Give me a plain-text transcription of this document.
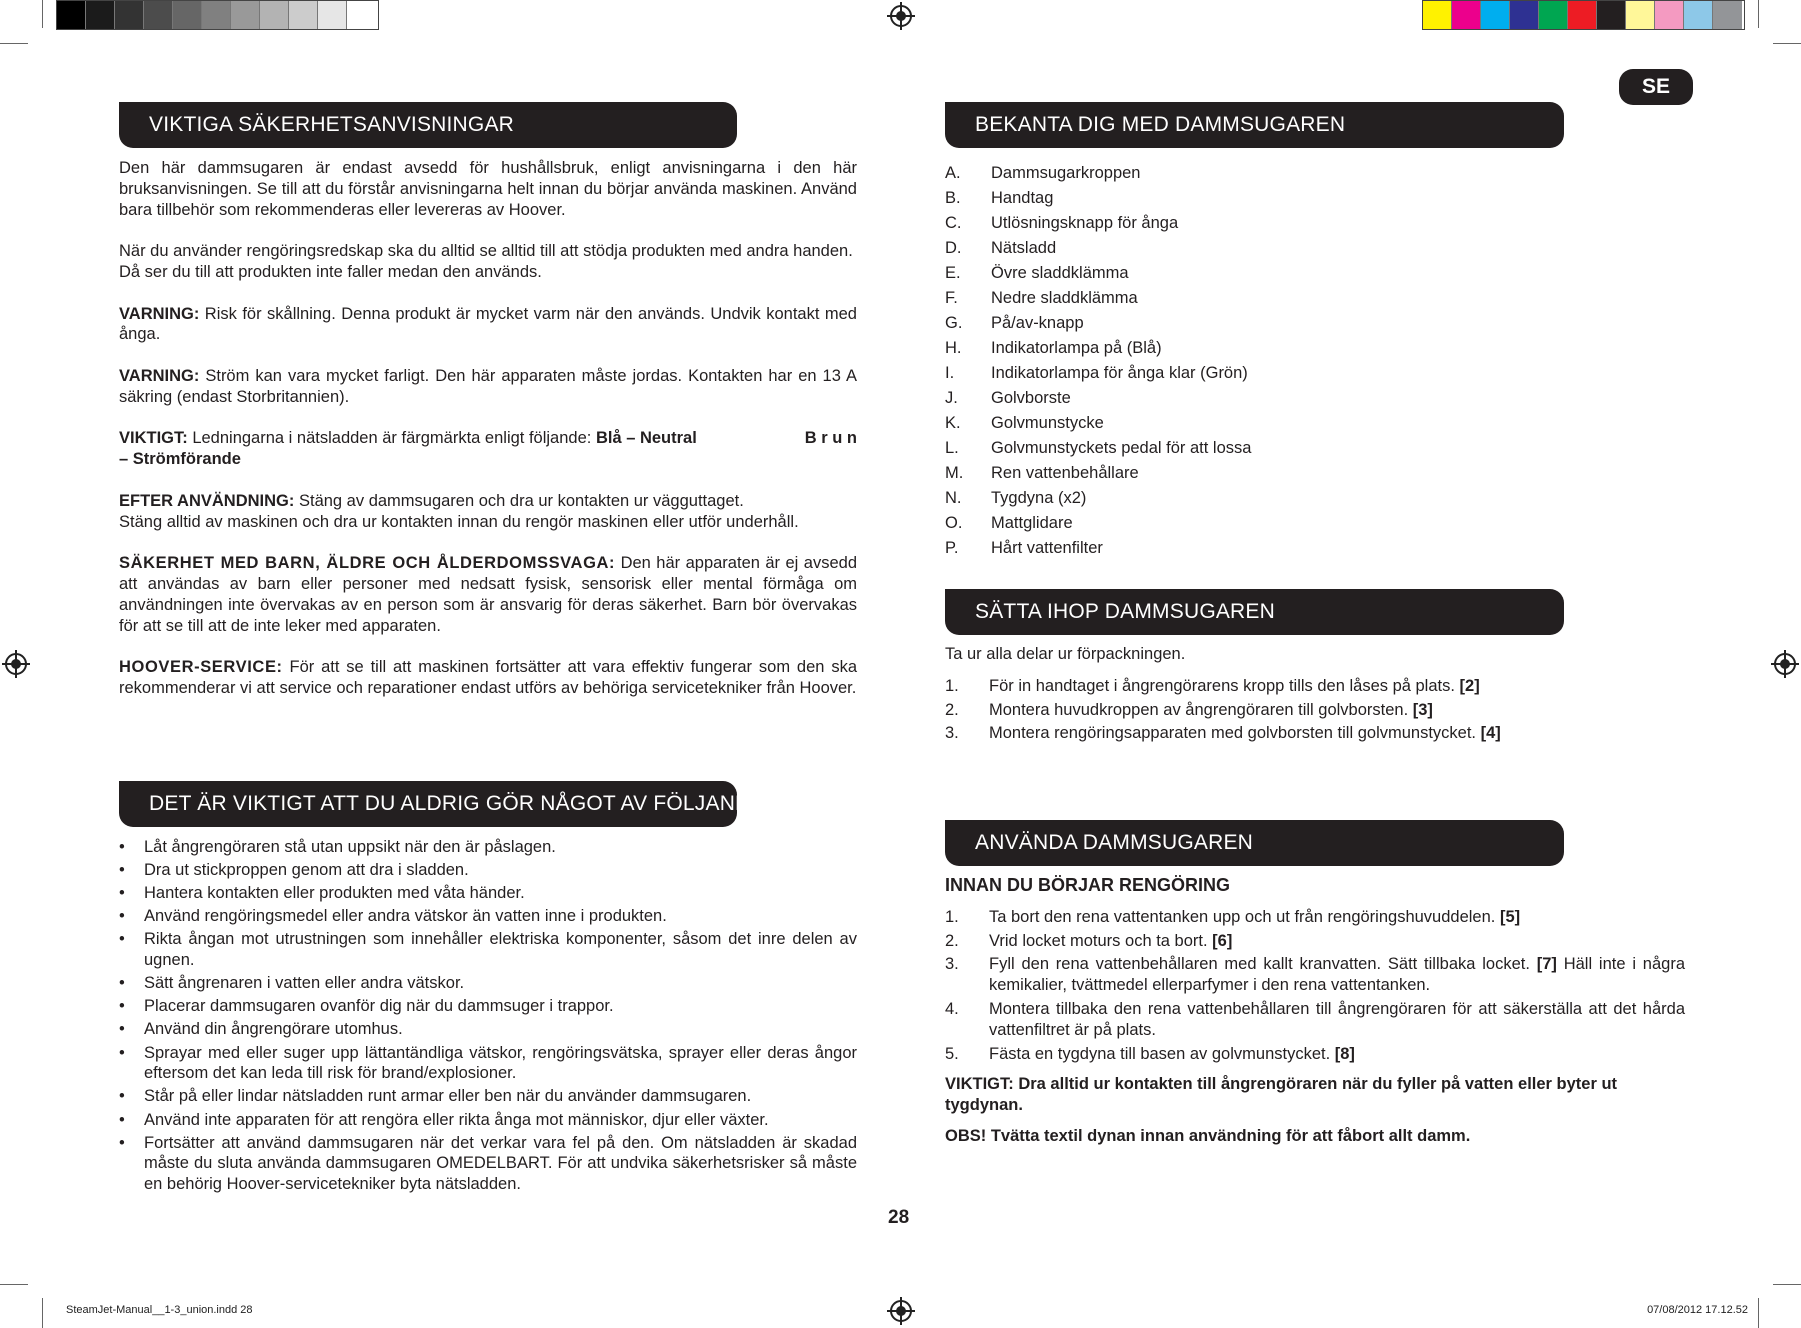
SE
VIKTIGA SÄKERHETSANVISNINGAR

Den här dammsugaren är endast avsedd för hushållsbruk, enligt anvisningarna i den här bruksanvisningen. Se till att du förstår anvisningarna helt innan du börjar använda maskinen. Använd bara tillbehör som rekommenderas eller levereras av Hoover.

När du använder rengöringsredskap ska du alltid se alltid till att stödja produkten med andra handen.

Då ser du till att produkten inte faller medan den används.

VARNING: Risk för skållning. Denna produkt är mycket varm när den används. Undvik kontakt med ånga.

VARNING: Ström kan vara mycket farligt. Den här apparaten måste jordas. Kontakten har en 13 A säkring (endast Storbritannien).

VIKTIGT: Ledningarna i nätsladden är färgmärkta enligt följande: Blå – Neutral	B r u n

– Strömförande

EFTER ANVÄNDNING: Stäng av dammsugaren och dra ur kontakten ur vägguttaget.
Stäng alltid av maskinen och dra ur kontakten innan du rengör maskinen eller utför underhåll.

SÄKERHET MED BARN, ÄLDRE OCH ÅLDERDOMSSVAGA: Den här apparaten är ej avsedd att användas av barn eller personer med nedsatt fysisk, sensorisk eller mental förmåga om användningen inte övervakas av en person som är ansvarig för deras säkerhet. Barn bör övervakas för att se till att de inte leker med apparaten.

HOOVER-SERVICE: För att se till att maskinen fortsätter att vara effektiv fungerar som den ska rekommenderar vi att service och reparationer endast utförs av behöriga servicetekniker från Hoover.

DET ÄR VIKTIGT ATT DU ALDRIG GÖR NÅGOT AV FÖLJANDE:
• Låt ångrengöraren stå utan uppsikt när den är påslagen.
• Dra ut stickproppen genom att dra i sladden.
• Hantera kontakten eller produkten med våta händer.
• Använd rengöringsmedel eller andra vätskor än vatten inne i produkten.
• Rikta ångan mot utrustningen som innehåller elektriska komponenter, såsom det inre delen av ugnen.
• Sätt ångrenaren i vatten eller andra vätskor.
• Placerar dammsugaren ovanför dig när du dammsuger i trappor.
• Använd din ångrengörare utomhus.
• Sprayar med eller suger upp lättantändliga vätskor, rengöringsvätska, sprayer eller deras ångor eftersom det kan leda till risk för brand/explosioner.
• Står på eller lindar nätsladden runt armar eller ben när du använder dammsugaren.
• Använd inte apparaten för att rengöra eller rikta ånga mot människor, djur eller växter.
• Fortsätter att använd dammsugaren när det verkar vara fel på den. Om nätsladden är skadad måste du sluta använda dammsugaren OMEDELBART. För att undvika säkerhetsrisker så måste en behörig Hoover-servicetekniker byta nätsladden.
BEKANTA DIG MED DAMMSUGAREN
A.	Dammsugarkroppen
B.	Handtag
C.	Utlösningsknapp för ånga
D.	Nätsladd
E.	Övre sladdklämma
F.	Nedre sladdklämma
G.	På/av-knapp
H.	Indikatorlampa på (Blå)
I.	Indikatorlampa för ånga klar (Grön)
J.	Golvborste
K.	Golvmunstycke
L.	Golvmunstyckets pedal för att lossa
M.	Ren vattenbehållare
N.	Tygdyna (x2)
O.	Mattglidare
P.	Hårt vattenfilter
SÄTTA IHOP DAMMSUGAREN
Ta ur alla delar ur förpackningen.
1.	För in handtaget i ångrengörarens kropp tills den låses på plats. [2]
2.	Montera huvudkroppen av ångrengöraren till golvborsten. [3]
3.	Montera rengöringsapparaten med golvborsten till golvmunstycket. [4]
ANVÄNDA DAMMSUGAREN
INNAN DU BÖRJAR RENGÖRING
1.	Ta bort den rena vattentanken upp och ut från rengöringshuvuddelen. [5]
2.	Vrid locket moturs och ta bort. [6]
3.	Fyll den rena vattenbehållaren med kallt kranvatten. Sätt tillbaka locket. [7] Häll inte i några kemikalier, tvättmedel ellerparfymer i den rena vattentanken.
4.	Montera tillbaka den rena vattenbehållaren till ångrengöraren för att säkerställa att det hårda vattenfiltret är på plats.
5.	Fästa en tygdyna till basen av golvmunstycket. [8]

VIKTIGT: Dra alltid ur kontakten till ångrengöraren när du fyller på vatten eller byter ut tygdynan.

OBS! Tvätta textil dynan innan användning för att fåbort allt damm.

28
SteamJet-Manual__1-3_union.indd 28	07/08/2012 17.12.52
